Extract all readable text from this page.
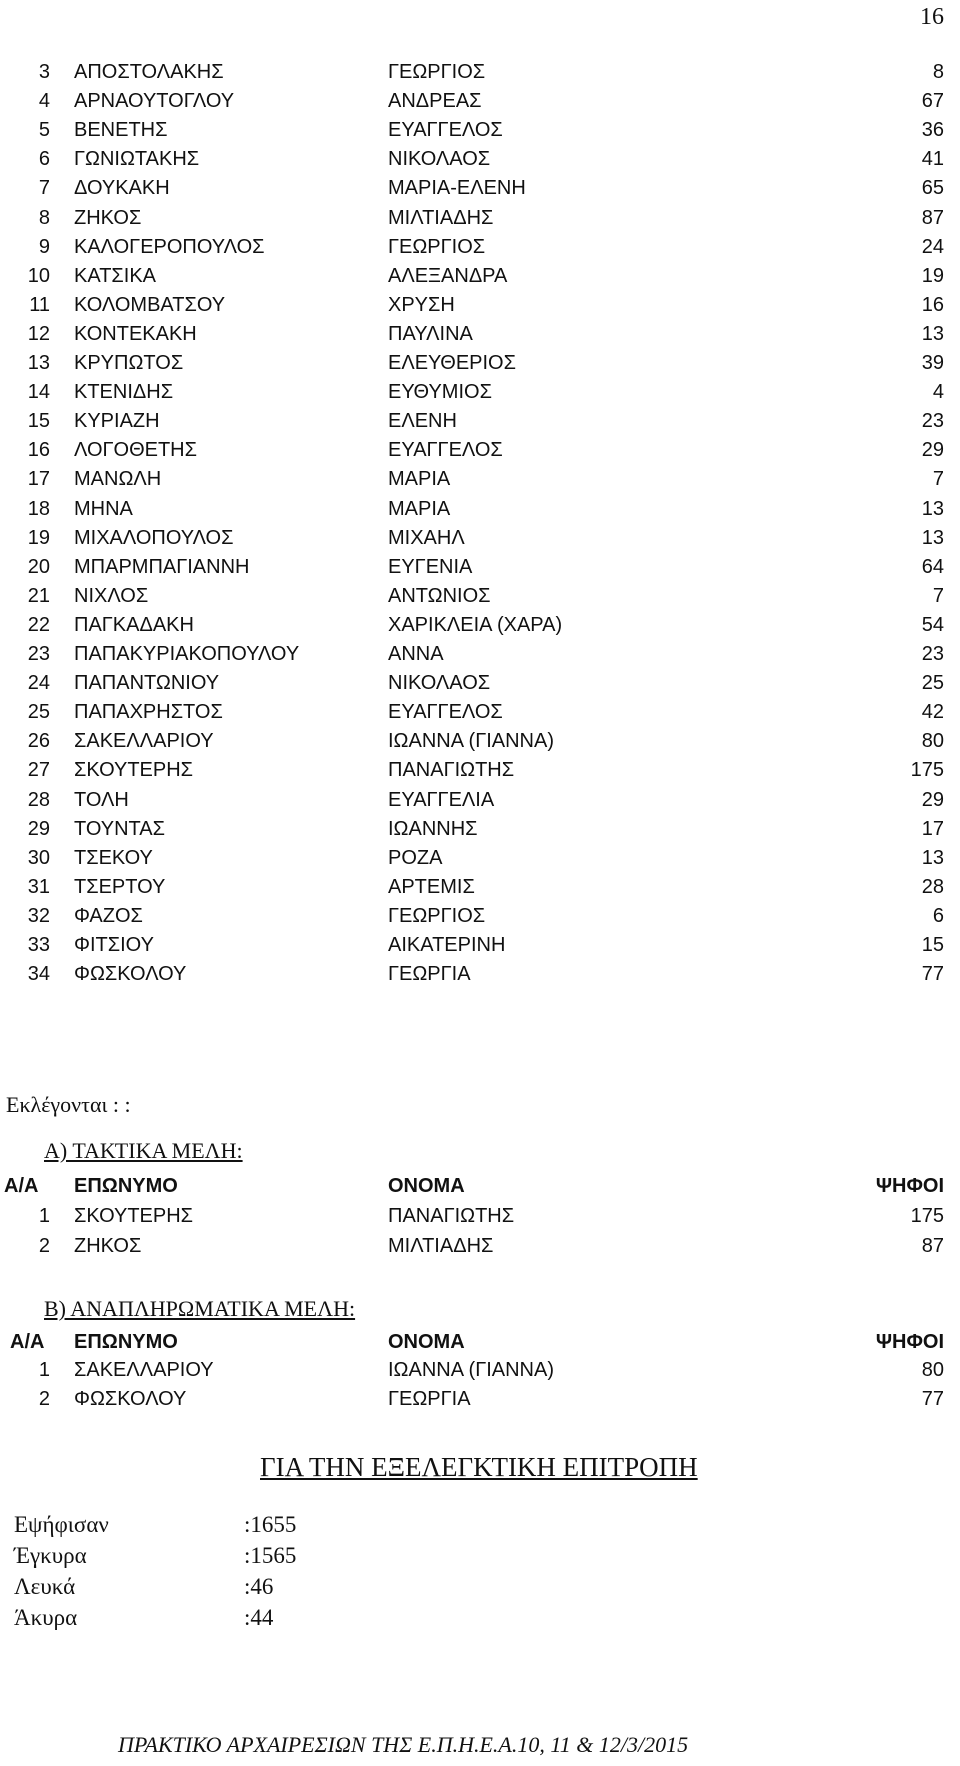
16
3 ΑΠΟΣΤΟΛΑΚΗΣ	ΓΕΩΡΓΙΟΣ	8
4 ΑΡΝΑΟΥΤΟΓΛΟΥ	ΑΝΔΡΕΑΣ	67
5 ΒΕΝΕΤΗΣ	ΕΥΑΓΓΕΛΟΣ	36
6 ΓΩΝΙΩΤΑΚΗΣ	ΝΙΚΟΛΑΟΣ	41
7 ΔΟΥΚΑΚΗ	ΜΑΡΙΑ-ΕΛΕΝΗ	65
8 ΖΗΚΟΣ	ΜΙΛΤΙΑΔΗΣ	87
9 ΚΑΛΟΓΕΡΟΠΟΥΛΟΣ	ΓΕΩΡΓΙΟΣ	24
10 ΚΑΤΣΙΚΑ	ΑΛΕΞΑΝΔΡΑ	19
11 ΚΟΛΟΜΒΑΤΣΟΥ	ΧΡΥΣΗ	16
12 ΚΟΝΤΕΚΑΚΗ	ΠΑΥΛΙΝΑ	13
13 ΚΡΥΠΩΤΟΣ	ΕΛΕΥΘΕΡΙΟΣ	39
14 ΚΤΕΝΙΔΗΣ	ΕΥΘΥΜΙΟΣ	4
15 ΚΥΡΙΑΖΗ	ΕΛΕΝΗ	23
16 ΛΟΓΟΘΕΤΗΣ	ΕΥΑΓΓΕΛΟΣ	29
17 ΜΑΝΩΛΗ	ΜΑΡΙΑ	7
18 ΜΗΝΑ	ΜΑΡΙΑ	13
19 ΜΙΧΑΛΟΠΟΥΛΟΣ	ΜΙΧΑΗΛ	13
20 ΜΠΑΡΜΠΑΓΙΑΝΝΗ	ΕΥΓΕΝΙΑ	64
21 ΝΙΧΛΟΣ	ΑΝΤΩΝΙΟΣ	7
22 ΠΑΓΚΑΔΑΚΗ	ΧΑΡΙΚΛΕΙΑ (ΧΑΡΑ)	54
23 ΠΑΠΑΚΥΡΙΑΚΟΠΟΥΛΟΥ	ΑΝΝΑ	23
24 ΠΑΠΑΝΤΩΝΙΟΥ	ΝΙΚΟΛΑΟΣ	25
25 ΠΑΠΑΧΡΗΣΤΟΣ	ΕΥΑΓΓΕΛΟΣ	42
26 ΣΑΚΕΛΛΑΡΙΟΥ	ΙΩΑΝΝΑ (ΓΙΑΝΝΑ)	80
27 ΣΚΟΥΤΕΡΗΣ	ΠΑΝΑΓΙΩΤΗΣ	175
28 ΤΟΛΗ	ΕΥΑΓΓΕΛΙΑ	29
29 ΤΟΥΝΤΑΣ	ΙΩΑΝΝΗΣ	17
30 ΤΣΕΚΟΥ	ΡΟΖΑ	13
31 ΤΣΕΡΤΟΥ	ΑΡΤΕΜΙΣ	28
32 ΦΑΖΟΣ	ΓΕΩΡΓΙΟΣ	6
33 ΦΙΤΣΙΟΥ	ΑΙΚΑΤΕΡΙΝΗ	15
34 ΦΩΣΚΟΛΟΥ	ΓΕΩΡΓΙΑ	77
Εκλέγονται : :
Α) ΤΑΚΤΙΚΑ ΜΕΛΗ:
Α/Α ΕΠΩΝΥΜΟ	ΟΝΟΜΑ	ΨΗΦΟΙ
1 ΣΚΟΥΤΕΡΗΣ	ΠΑΝΑΓΙΩΤΗΣ	175
2 ΖΗΚΟΣ	ΜΙΛΤΙΑΔΗΣ	87
Β) ΑΝΑΠΛΗΡΩΜΑΤΙΚΑ ΜΕΛΗ:
Α/Α ΕΠΩΝΥΜΟ	ΟΝΟΜΑ	ΨΗΦΟΙ
1 ΣΑΚΕΛΛΑΡΙΟΥ	ΙΩΑΝΝΑ (ΓΙΑΝΝΑ)	80
2 ΦΩΣΚΟΛΟΥ	ΓΕΩΡΓΙΑ	77
ΓΙΑ ΤΗΝ ΕΞΕΛΕΓΚΤΙΚΗ ΕΠΙΤΡΟΠΗ
Εψήφισαν	:1655
Έγκυρα	:1565
Λευκά	:46
Άκυρα	:44
ΠΡΑΚΤΙΚΟ ΑΡΧΑΙΡΕΣΙΩΝ ΤΗΣ Ε.Π.Η.Ε.Α.10, 11 & 12/3/2015
